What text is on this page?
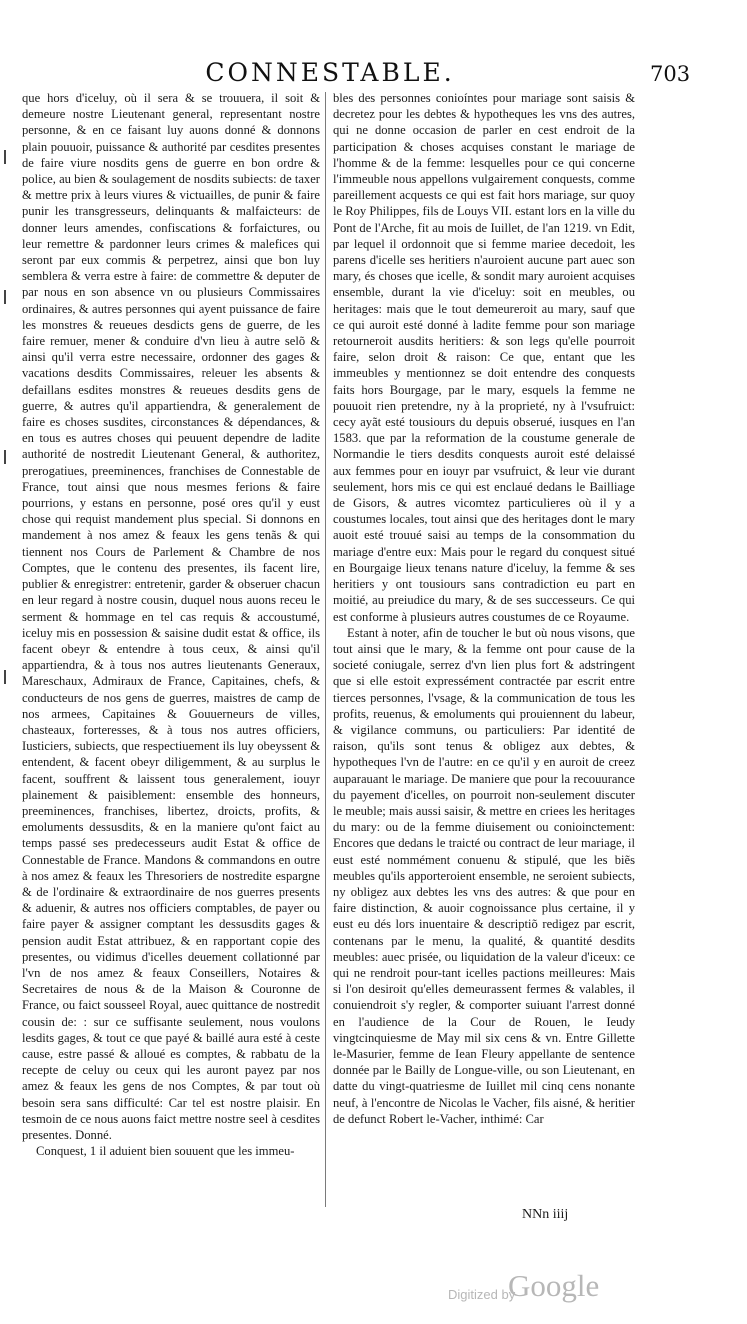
CONNESTABLE.	703

que hors d'iceluy, où il sera & se trouuera, il soit & demeure nostre Lieutenant general, representant nostre personne, & en ce faisant luy auons donné & donnons plain pouuoir, puissance & authorité par cesdites presentes de faire viure nosdits gens de guerre en bon ordre & police, au bien & soulagement de nosdits subiects: de taxer & mettre prix à leurs viures & victuailles, de punir & faire punir les transgresseurs, delinquants & malfaicteurs: de donner leurs amendes, confiscations & forfaictures, ou leur remettre & pardonner leurs crimes & malefices qui seront par eux commis & perpetrez, ainsi que bon luy semblera & verra estre à faire: de commettre & deputer de par nous en son absence vn ou plusieurs Commissaires ordinaires, & autres personnes qui ayent puissance de faire les monstres & reueues desdicts gens de guerre, de les faire remuer, mener & conduire d'vn lieu à autre selõ & ainsi qu'il verra estre necessaire, ordonner des gages & vacations desdits Commissaires, releuer les absents & defaillans esdites monstres & reueues desdits gens de guerre, & autres qu'il appartiendra, & generalement de faire es choses susdites, circonstances & dépendances, & en tous es autres choses qui peuuent dependre de ladite authorité de nostredit Lieutenant General, & authoritez, prerogatiues, preeminences, franchises de Connestable de France, tout ainsi que nous mesmes ferions & faire pourrions, y estans en personne, posé ores qu'il y eust chose qui requist mandement plus special. Si donnons en mandement à nos amez & feaux les gens tenãs & qui tiennent nos Cours de Parlement & Chambre de nos Comptes, que le contenu des presentes, ils facent lire, publier & enregistrer: entretenir, garder & obseruer chacun en leur regard à nostre cousin, duquel nous auons receu le serment & hommage en tel cas requis & accoustumé, iceluy mis en possession & saisine dudit estat & office, ils facent obeyr & entendre à tous ceux, & ainsi qu'il appartiendra, & à tous nos autres lieutenants Generaux, Mareschaux, Admiraux de France, Capitaines, chefs, & conducteurs de nos gens de guerres, maistres de camp de nos armees, Capitaines & Gouuerneurs de villes, chasteaux, forteresses, & à tous nos autres officiers, Iusticiers, subiects, que respectiuement ils luy obeyssent & entendent, & facent obeyr diligemment, & au surplus le facent, souffrent & laissent tous generalement, iouyr plainement & paisiblement: ensemble des honneurs, preeminences, franchises, libertez, droicts, profits, & emoluments dessusdits, & en la maniere qu'ont faict au temps passé ses predecesseurs audit Estat & office de Connestable de France. Mandons & commandons en outre à nos amez & feaux les Thresoriers de nostredite espargne & de l'ordinaire & extraordinaire de nos guerres presents & aduenir, & autres nos officiers comptables, de payer ou faire payer & assigner comptant les dessusdits gages & pension audit Estat attribuez, & en rapportant copie des presentes, ou vidimus d'icelles deuement collationné par l'vn de nos amez & feaux Conseillers, Notaires & Secretaires de nous & de la Maison & Couronne de France, ou faict sousseel Royal, auec quittance de nostredit cousin de: : sur ce suffisante seulement, nous voulons lesdits gages, & tout ce que payé & baillé aura esté à ceste cause, estre passé & alloué es comptes, & rabbatu de la recepte de celuy ou ceux qui les auront payez par nos amez & feaux les gens de nos Comptes, & par tout où besoin sera sans difficulté: Car tel est nostre plaisir. En tesmoin de ce nous auons faict mettre nostre seel à cesdites presentes. Donné.

Conquest, 1 il aduient bien souuent que les immeu-

bles des personnes conioíntes pour mariage sont saisis & decretez pour les debtes & hypotheques les vns des autres, qui ne donne occasion de parler en cest endroit de la participation & choses acquises constant le mariage de l'homme & de la femme: lesquelles pour ce qui concerne l'immeuble nous appellons vulgairement conquests, comme pareillement acquests ce qui est fait hors mariage, sur quoy le Roy Philippes, fils de Louys VII. estant lors en la ville du Pont de l'Arche, fit au mois de Iuillet, de l'an 1219. vn Edit, par lequel il ordonnoit que si femme mariee decedoit, les parens d'icelle ses heritiers n'auroient aucune part auec son mary, és choses que icelle, & sondit mary auroient acquises ensemble, durant la vie d'iceluy: soit en meubles, ou heritages: mais que le tout demeureroit au mary, sauf que ce qui auroit esté donné à ladite femme pour son mariage retourneroit ausdits heritiers: & son legs qu'elle pourroit faire, selon droit & raison: Ce que, entant que les immeubles y mentionnez se doit entendre des conquests faits hors Bourgage, par le mary, esquels la femme ne pouuoit rien pretendre, ny à la proprieté, ny à l'vsufruict: cecy ayãt esté tousiours du depuis obserué, iusques en l'an 1583. que par la reformation de la coustume generale de Normandie le tiers desdits conquests auroit esté delaissé aux femmes pour en iouyr par vsufruict, & leur vie durant seulement, hors mis ce qui est enclaué dedans le Bailliage de Gisors, & autres vicomtez particulieres où il y a coustumes locales, tout ainsi que des heritages dont le mary auoit esté trouué saisi au temps de la consommation du mariage d'entre eux: Mais pour le regard du conquest situé en Bourgaige lieux tenans nature d'iceluy, la femme & ses heritiers y ont tousiours sans contradiction eu part en moitié, au preiudice du mary, & de ses successeurs. Ce qui est conforme à plusieurs autres coustumes de ce Royaume.

Estant à noter, afin de toucher le but où nous visons, que tout ainsi que le mary, & la femme ont pour cause de la societé coniugale, serrez d'vn lien plus fort & adstringent que si elle estoit expressément contractée par escrit entre tierces personnes, l'vsage, & la communication de tous les profits, reuenus, & emoluments qui prouiennent du labeur, & vigilance communs, ou particuliers: Par identité de raison, qu'ils sont tenus & obligez aux debtes, & hypotheques l'vn de l'autre: en ce qu'il y en auroit de creez auparauant le mariage. De maniere que pour la recouurance du payement d'icelles, on pourroit non-seulement discuter le meuble; mais aussi saisir, & mettre en criees les heritages du mary: ou de la femme diuisement ou conioinctement: Encores que dedans le traicté ou contract de leur mariage, il eust esté nommément conuenu & stipulé, que les biẽs meubles qu'ils apporteroient ensemble, ne seroient subiects, ny obligez aux debtes les vns des autres: & que pour en faire distinction, & auoir cognoissance plus certaine, il y eust eu dés lors inuentaire & descriptiõ redigez par escrit, contenans par le menu, la qualité, & quantité desdits meubles: auec prisée, ou liquidation de la valeur d'iceux: ce qui ne rendroit pour-tant icelles pactions meilleures: Mais si l'on desiroit qu'elles demeurassent fermes & valables, il conuiendroit s'y regler, & comporter suiuant l'arrest donné en l'audience de la Cour de Rouen, le Ieudy vingtcinquiesme de May mil six cens & vn. Entre Gillette le-Masurier, femme de Iean Fleury appellante de sentence donnée par le Bailly de Longue-ville, ou son Lieutenant, en datte du vingt-quatriesme de Iuillet mil cinq cens nonante neuf, à l'encontre de Nicolas le Vacher, fils aisné, & heritier de defunct Robert le-Vacher, inthimé: Car

NNn iiij
Digitized by
Google
